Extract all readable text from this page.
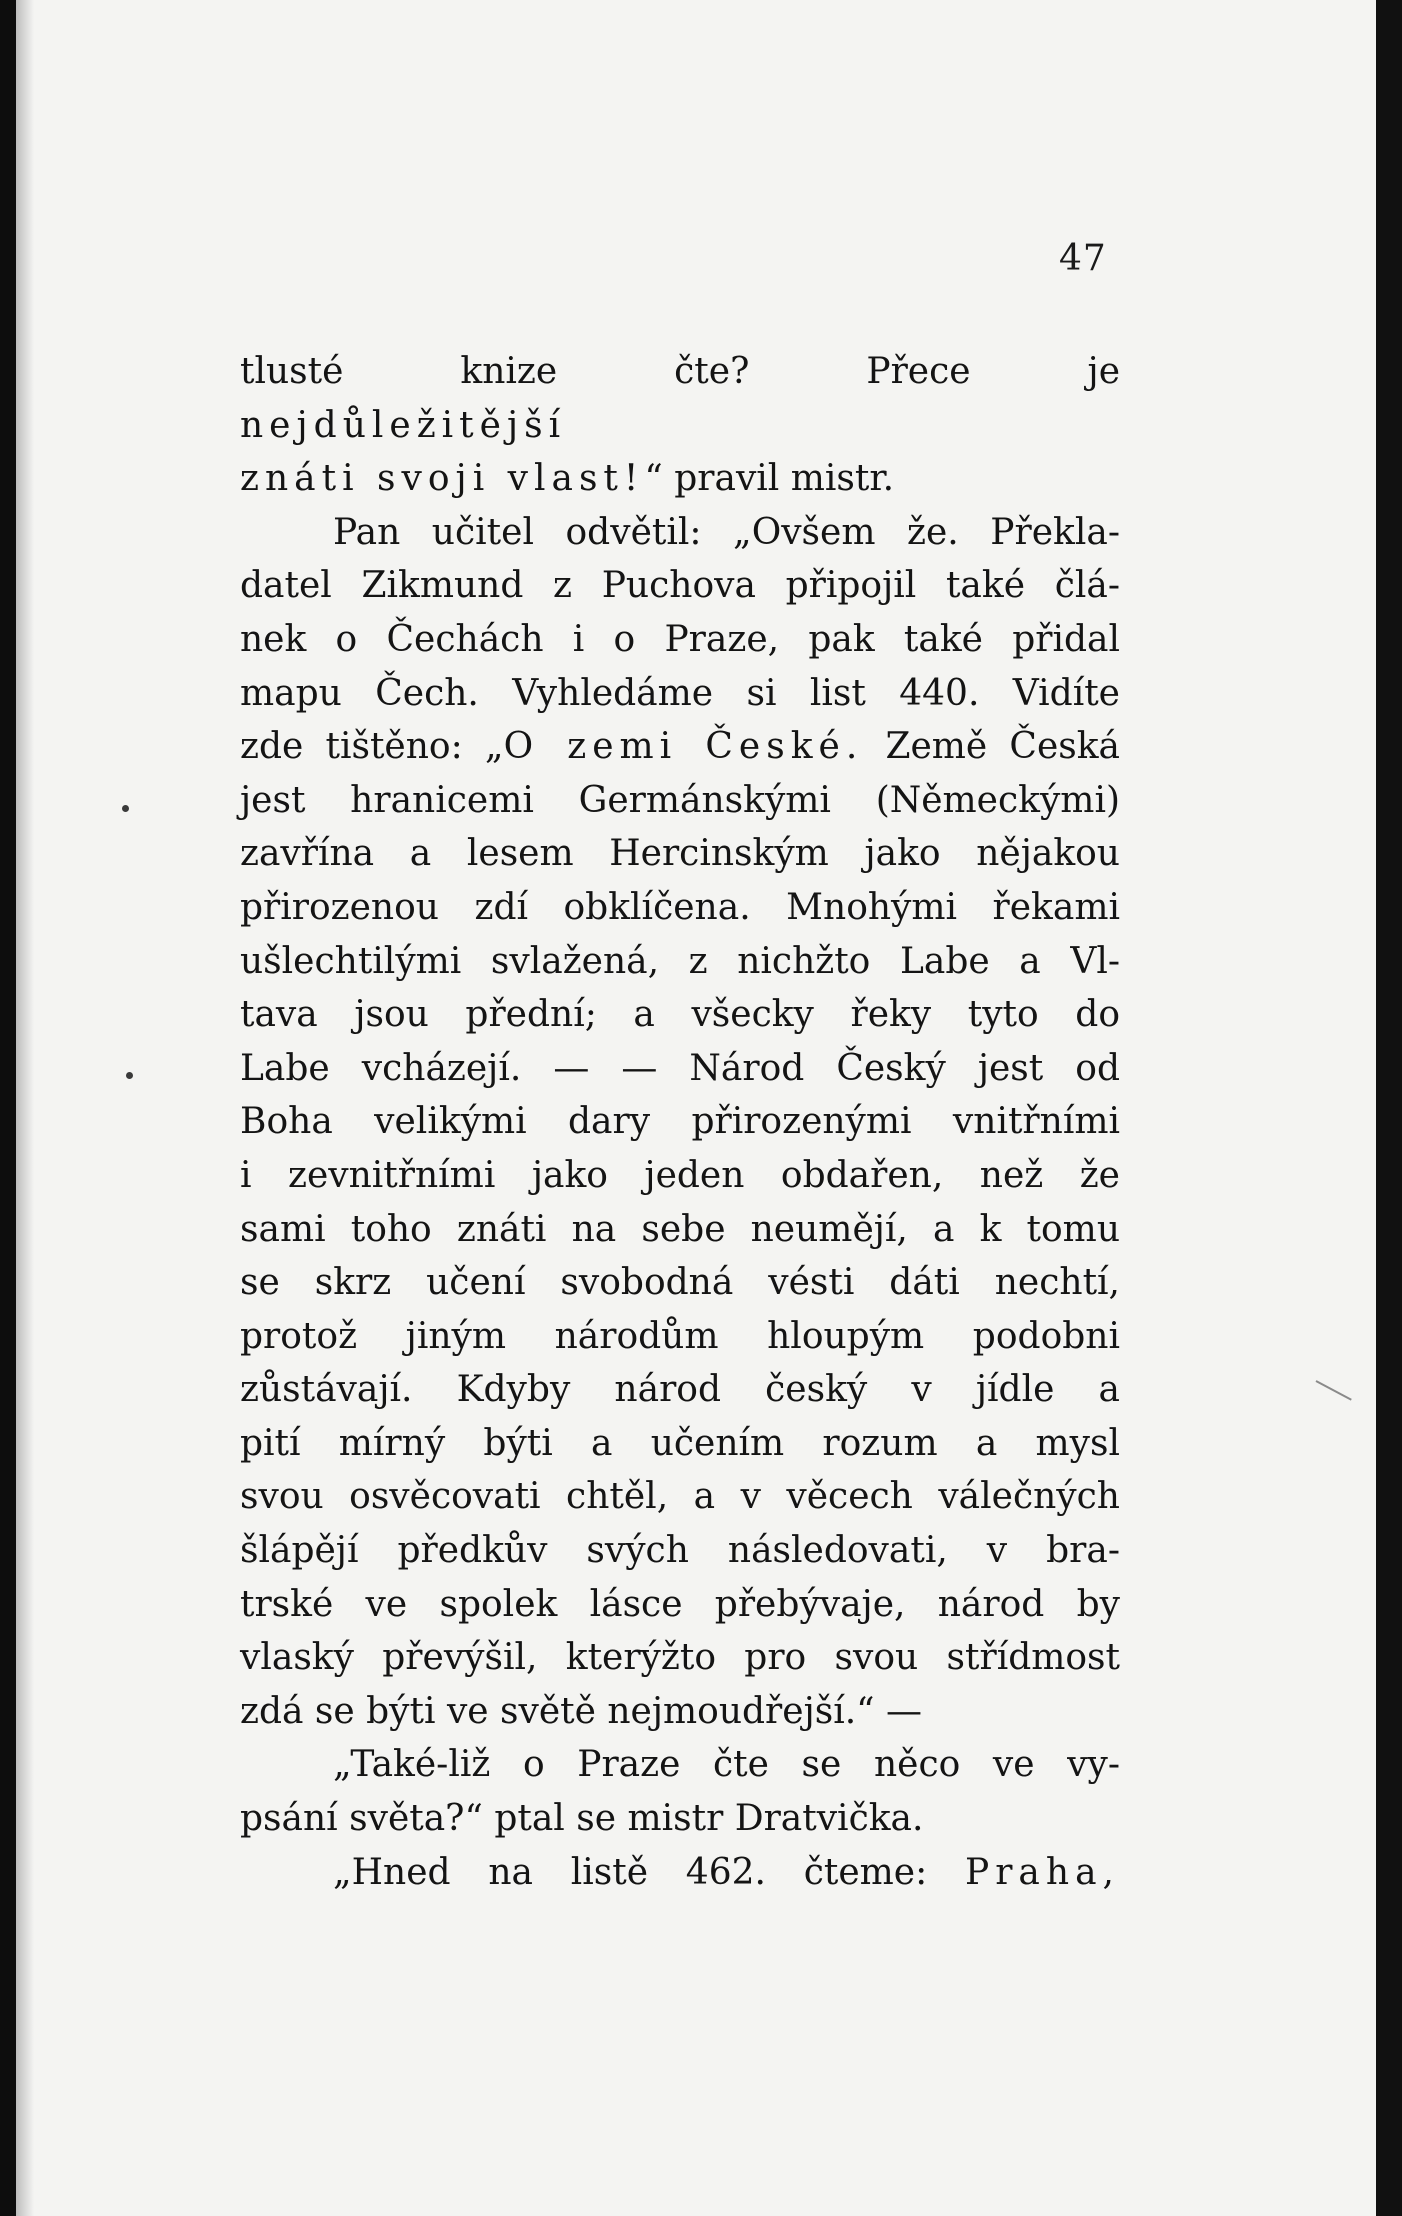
47
tlusté knize čte? Přece je
nejdůležitější
znáti svoji vlast!“ pravil mistr.
Pan učitel odvětil: „Ovšem že. Překla-
datel Zikmund z Puchova připojil také člá-
nek o Čechách i o Praze, pak také přidal
mapu Čech. Vyhledáme si list 440. Vidíte
zde tištěno: „O zemi České. Země Česká
jest hranicemi Germánskými (Německými)
zavřína a lesem Hercinským jako nějakou
přirozenou zdí obklíčena. Mnohými řekami
ušlechtilými svlažená, z nichžto Labe a Vl-
tava jsou přední; a všecky řeky tyto do
Labe vcházejí. — — Národ Český jest od
Boha velikými dary přirozenými vnitřními
i zevnitřními jako jeden obdařen, než že
sami toho znáti na sebe neumějí, a k tomu
se skrz učení svobodná vésti dáti nechtí,
protož jiným národům hloupým podobni
zůstávají. Kdyby národ český v jídle a
pití mírný býti a učením rozum a mysl
svou osvěcovati chtěl, a v věcech válečných
šlápějí předkův svých následovati, v bra-
trské ve spolek lásce přebývaje, národ by
vlaský převýšil, kterýžto pro svou střídmost
zdá se býti ve světě nejmoudřejší.“ —
„Také-liž o Praze čte se něco ve vy-
psání světa?“ ptal se mistr Dratvička.
„Hned na listě 462. čteme: Praha,
